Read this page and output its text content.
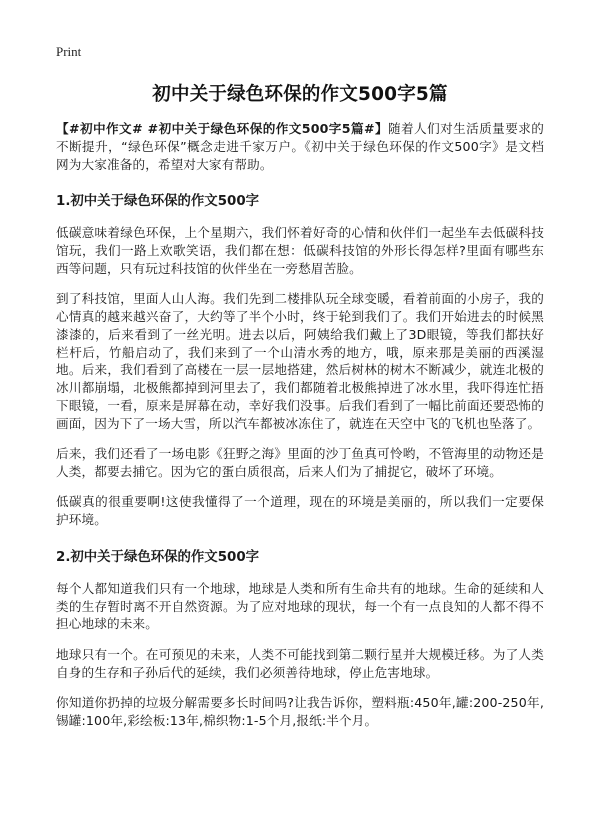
Print
初中关于绿色环保的作文500字5篇

【#初中作文# #初中关于绿色环保的作文500字5篇#】随着人们对生活质量要求的不断提升，“绿色环保”概念走进千家万户。《初中关于绿色环保的作文500字》是文档网为大家准备的，希望对大家有帮助。

1.初中关于绿色环保的作文500字

低碳意味着绿色环保，上个星期六，我们怀着好奇的心情和伙伴们一起坐车去低碳科技馆玩，我们一路上欢歌笑语，我们都在想：低碳科技馆的外形长得怎样?里面有哪些东西等问题，只有玩过科技馆的伙伴坐在一旁愁眉苦脸。

到了科技馆，里面人山人海。我们先到二楼排队玩全球变暖，看着前面的小房子，我的心情真的越来越兴奋了，大约等了半个小时，终于轮到我们了。我们开始进去的时候黑漆漆的，后来看到了一丝光明。进去以后，阿姨给我们戴上了3D眼镜，等我们都扶好栏杆后，竹船启动了，我们来到了一个山清水秀的地方，哦，原来那是美丽的西溪湿地。后来，我们看到了高楼在一层一层地搭建，然后树林的树木不断减少，就连北极的冰川都崩塌，北极熊都掉到河里去了，我们都随着北极熊掉进了冰水里，我吓得连忙捂下眼镜，一看，原来是屏幕在动，幸好我们没事。后我们看到了一幅比前面还要恐怖的画面，因为下了一场大雪，所以汽车都被冰冻住了，就连在天空中飞的飞机也坠落了。

后来，我们还看了一场电影《狂野之海》里面的沙丁鱼真可怜哟，不管海里的动物还是人类，都要去捕它。因为它的蛋白质很高，后来人们为了捕捉它，破坏了环境。

低碳真的很重要啊!这使我懂得了一个道理，现在的环境是美丽的，所以我们一定要保护环境。

2.初中关于绿色环保的作文500字

每个人都知道我们只有一个地球，地球是人类和所有生命共有的地球。生命的延续和人类的生存暂时离不开自然资源。为了应对地球的现状，每一个有一点良知的人都不得不担心地球的未来。

地球只有一个。在可预见的未来，人类不可能找到第二颗行星并大规模迁移。为了人类自身的生存和子孙后代的延续，我们必须善待地球，停止危害地球。

你知道你扔掉的垃圾分解需要多长时间吗?让我告诉你，塑料瓶:450年,罐:200-250年,锡罐:100年,彩绘板:13年,棉织物:1-5个月,报纸:半个月。
